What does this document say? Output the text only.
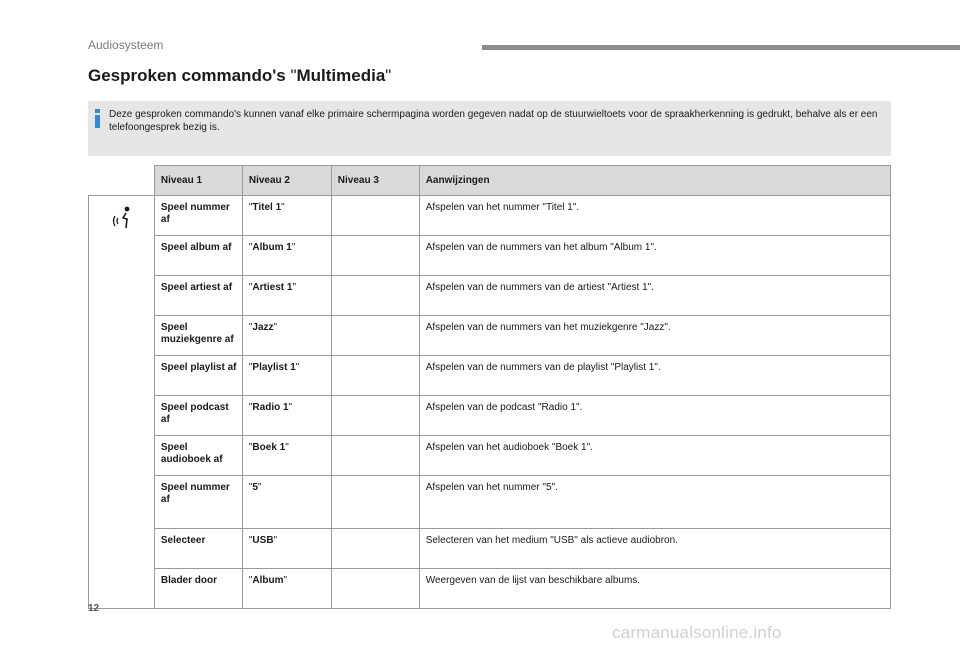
Audiosysteem
Gesproken commando's "Multimedia"
Deze gesproken commando's kunnen vanaf elke primaire schermpagina worden gegeven nadat op de stuurwieltoets voor de spraakherkenning is gedrukt, behalve als er een telefoongesprek bezig is.
	Niveau 1	Niveau 2	Niveau 3	Aanwijzingen

	Speel nummer af	"Titel 1"		Afspelen van het nummer "Titel 1".
	Speel album af	"Album 1"		Afspelen van de nummers van het album "Album 1".
	Speel artiest af	"Artiest 1"		Afspelen van de nummers van de artiest "Artiest 1".
	Speel muziekgenre af	"Jazz"		Afspelen van de nummers van het muziekgenre "Jazz".
	Speel playlist af	"Playlist 1"		Afspelen van de nummers van de playlist "Playlist 1".
	Speel podcast af	"Radio 1"		Afspelen van de podcast "Radio 1".
	Speel audioboek af	"Boek 1"		Afspelen van het audioboek "Boek 1".
	Speel nummer af	"5"		Afspelen van het nummer "5".
	Selecteer	"USB"		Selecteren van het medium "USB" als actieve audiobron.
	Blader door	"Album"		Weergeven van de lijst van beschikbare albums.
12
carmanualsonline.info
